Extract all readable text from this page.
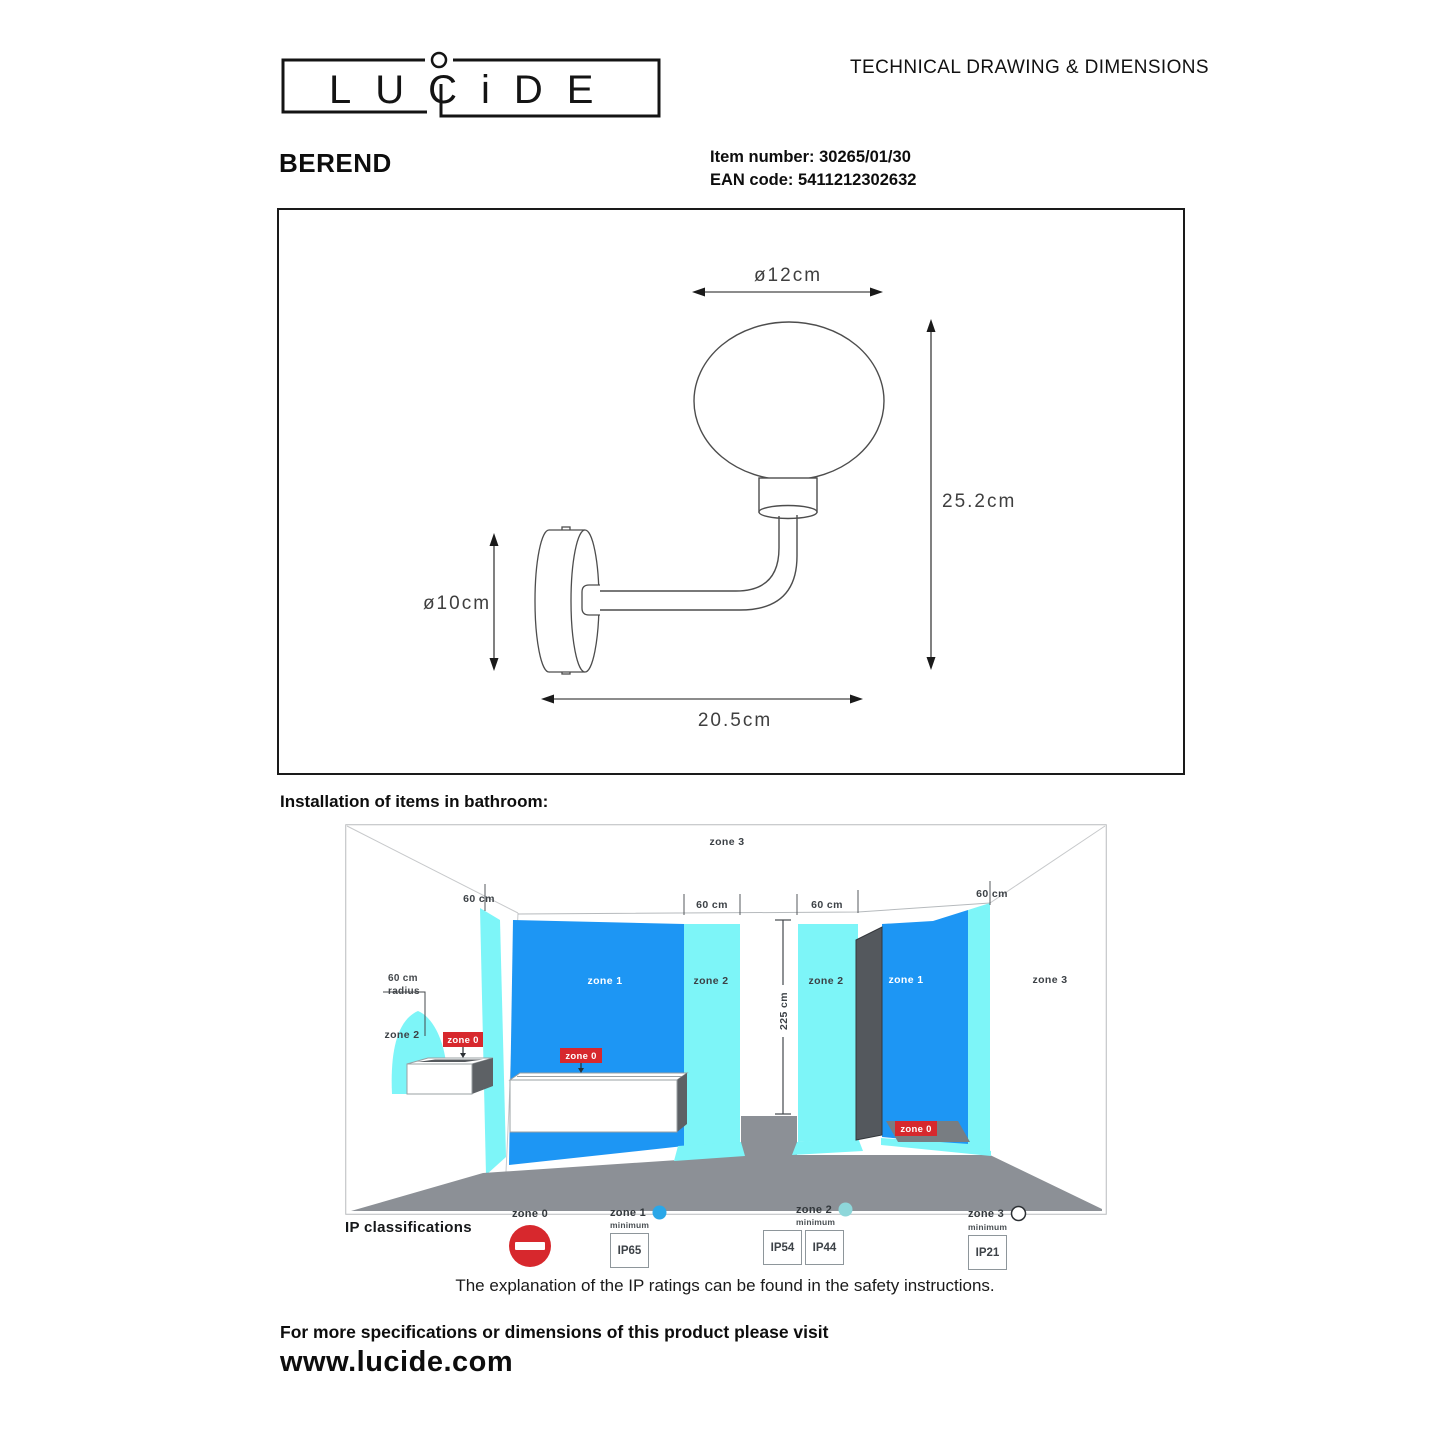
LUCiDE
TECHNICAL DRAWING & DIMENSIONS
BEREND	Item number: 30265/01/30
EAN code: 5411212302632
ø12cm
25.2cm
ø10cm
20.5cm
Installation of items in bathroom:
60 cm	60 cm	60 cm
60 cm
225 cm
zone 0
zone 0
zone 0
zone 3
zone 1	zone 2	zone 2	zone 1	zone 3
zone 2
60 cm
radius
IP classifications
zone 0	zone 1
minimum
IP65
zone 2
minimum
IP54	IP44
zone 3
minimum
IP21
The explanation of the IP ratings can be found in the safety instructions.
For more specifications or dimensions of this product please visit
www.lucide.com
